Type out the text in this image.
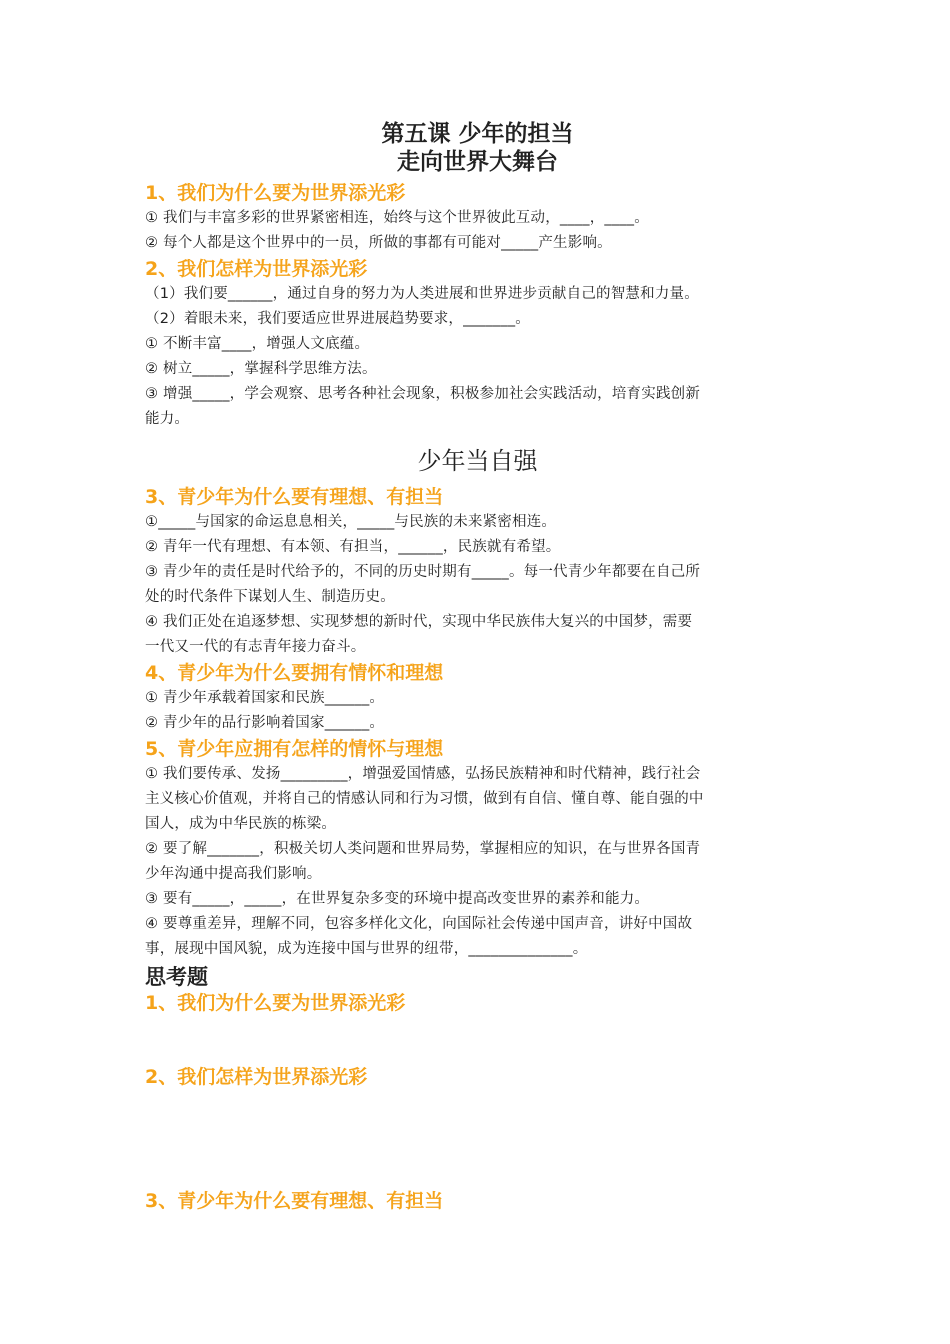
第五课 少年的担当
走向世界大舞台
1、我们为什么要为世界添光彩
① 我们与丰富多彩的世界紧密相连，始终与这个世界彼此互动，____，____。
② 每个人都是这个世界中的一员，所做的事都有可能对_____产生影响。
2、我们怎样为世界添光彩
（1）我们要______，通过自身的努力为人类进展和世界进步贡献自己的智慧和力量。
（2）着眼未来，我们要适应世界进展趋势要求，_______。
① 不断丰富____，增强人文底蕴。
② 树立_____，掌握科学思维方法。
③ 增强_____，学会观察、思考各种社会现象，积极参加社会实践活动，培育实践创新
能力。
少年当自强
3、青少年为什么要有理想、有担当
①_____与国家的命运息息相关，_____与民族的未来紧密相连。
② 青年一代有理想、有本领、有担当，______，民族就有希望。
③ 青少年的责任是时代给予的，不同的历史时期有_____。每一代青少年都要在自己所
处的时代条件下谋划人生、制造历史。
④ 我们正处在追逐梦想、实现梦想的新时代，实现中华民族伟大复兴的中国梦，需要
一代又一代的有志青年接力奋斗。
4、青少年为什么要拥有情怀和理想
① 青少年承载着国家和民族______。
② 青少年的品行影响着国家______。
5、青少年应拥有怎样的情怀与理想
① 我们要传承、发扬_________，增强爱国情感，弘扬民族精神和时代精神，践行社会
主义核心价值观，并将自己的情感认同和行为习惯，做到有自信、懂自尊、能自强的中
国人，成为中华民族的栋梁。
② 要了解_______，积极关切人类问题和世界局势，掌握相应的知识，在与世界各国青
少年沟通中提高我们影响。
③ 要有_____，_____，在世界复杂多变的环境中提高改变世界的素养和能力。
④ 要尊重差异，理解不同，包容多样化文化，向国际社会传递中国声音，讲好中国故
事，展现中国风貌，成为连接中国与世界的纽带，______________。
思考题
1、我们为什么要为世界添光彩
2、我们怎样为世界添光彩
3、青少年为什么要有理想、有担当
